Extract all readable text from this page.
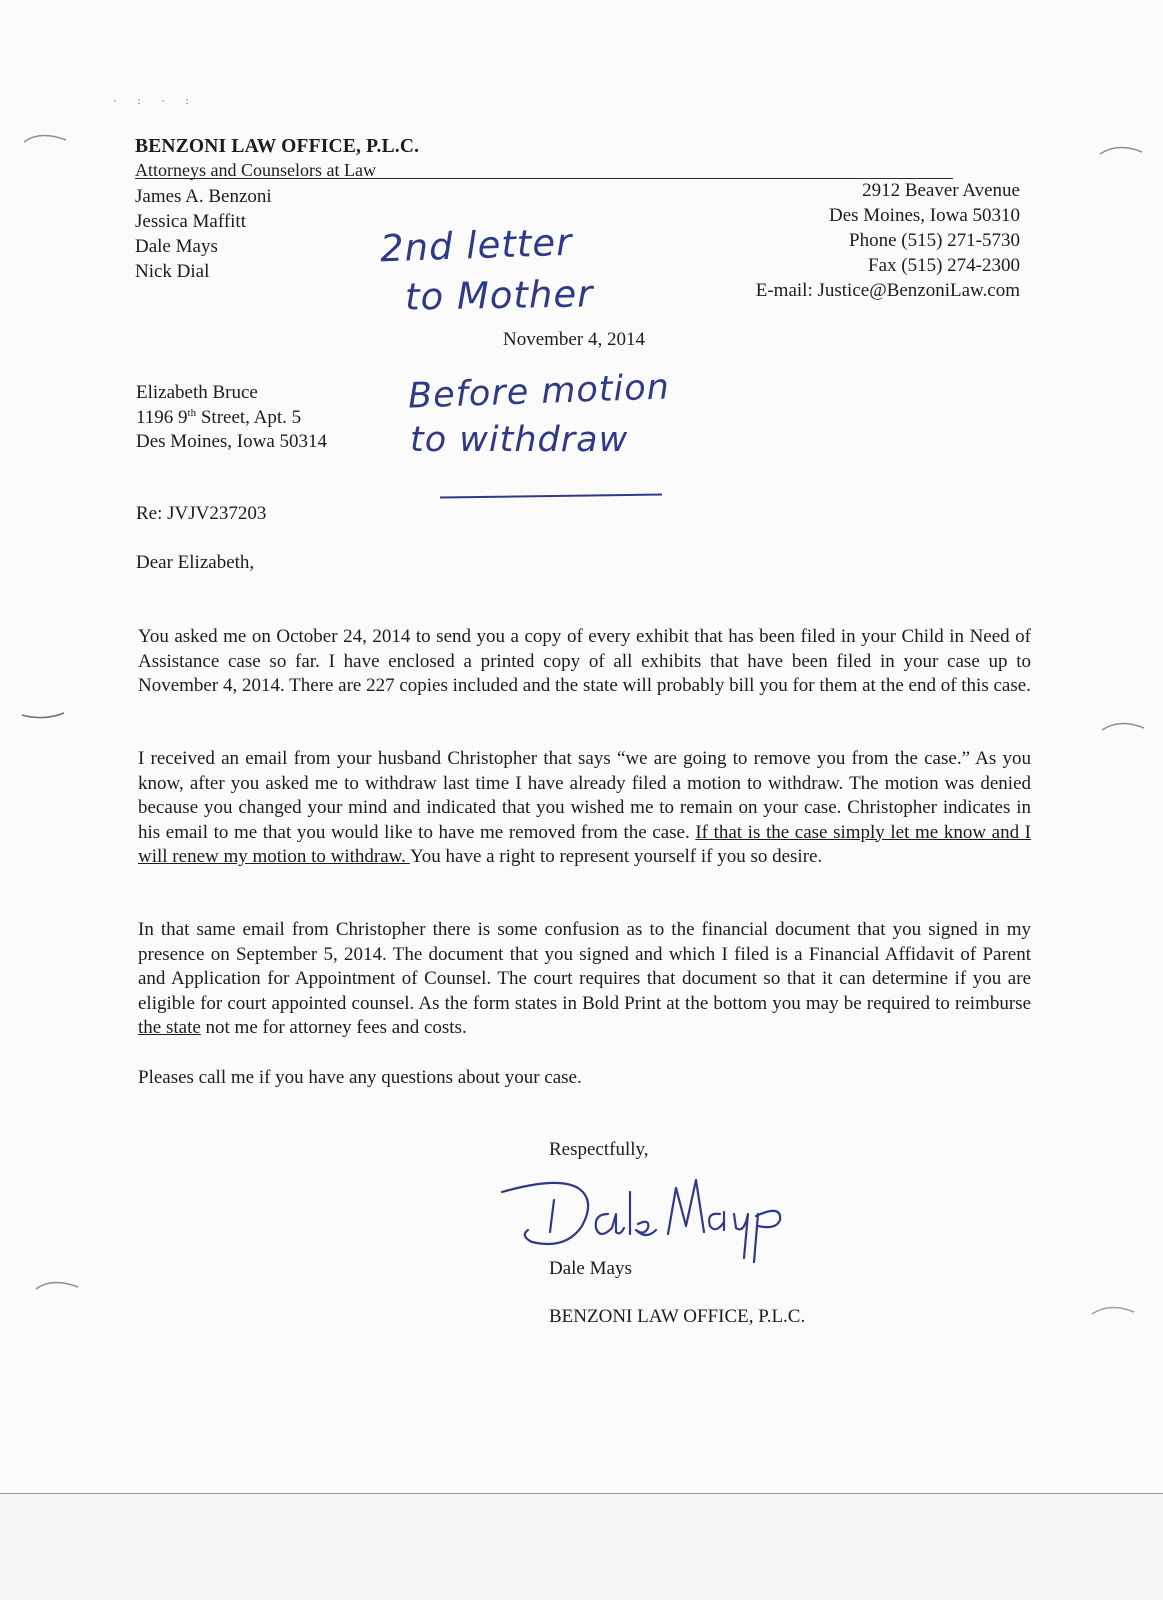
· : · :
BENZONI LAW OFFICE, P.L.C.
Attorneys and Counselors at Law
James A. Benzoni
Jessica Maffitt
Dale Mays
Nick Dial
2912 Beaver Avenue
Des Moines, Iowa 50310
Phone (515) 271-5730
Fax (515) 274-2300
E-mail: Justice@BenzoniLaw.com
2nd letter
to Mother
Before motion
to withdraw
November 4, 2014
Elizabeth Bruce
1196 9th Street, Apt. 5
Des Moines, Iowa 50314
Re: JVJV237203
Dear Elizabeth,
You asked me on October 24, 2014 to send you a copy of every exhibit that has been filed in your Child in Need of Assistance case so far. I have enclosed a printed copy of all exhibits that have been filed in your case up to November 4, 2014. There are 227 copies included and the state will probably bill you for them at the end of this case.
I received an email from your husband Christopher that says “we are going to remove you from the case.” As you know, after you asked me to withdraw last time I have already filed a motion to withdraw. The motion was denied because you changed your mind and indicated that you wished me to remain on your case. Christopher indicates in his email to me that you would like to have me removed from the case. If that is the case simply let me know and I will renew my motion to withdraw. You have a right to represent yourself if you so desire.
In that same email from Christopher there is some confusion as to the financial document that you signed in my presence on September 5, 2014. The document that you signed and which I filed is a Financial Affidavit of Parent and Application for Appointment of Counsel. The court requires that document so that it can determine if you are eligible for court appointed counsel. As the form states in Bold Print at the bottom you may be required to reimburse the state not me for attorney fees and costs.
Pleases call me if you have any questions about your case.
Respectfully,
Dale Mays
BENZONI LAW OFFICE, P.L.C.
